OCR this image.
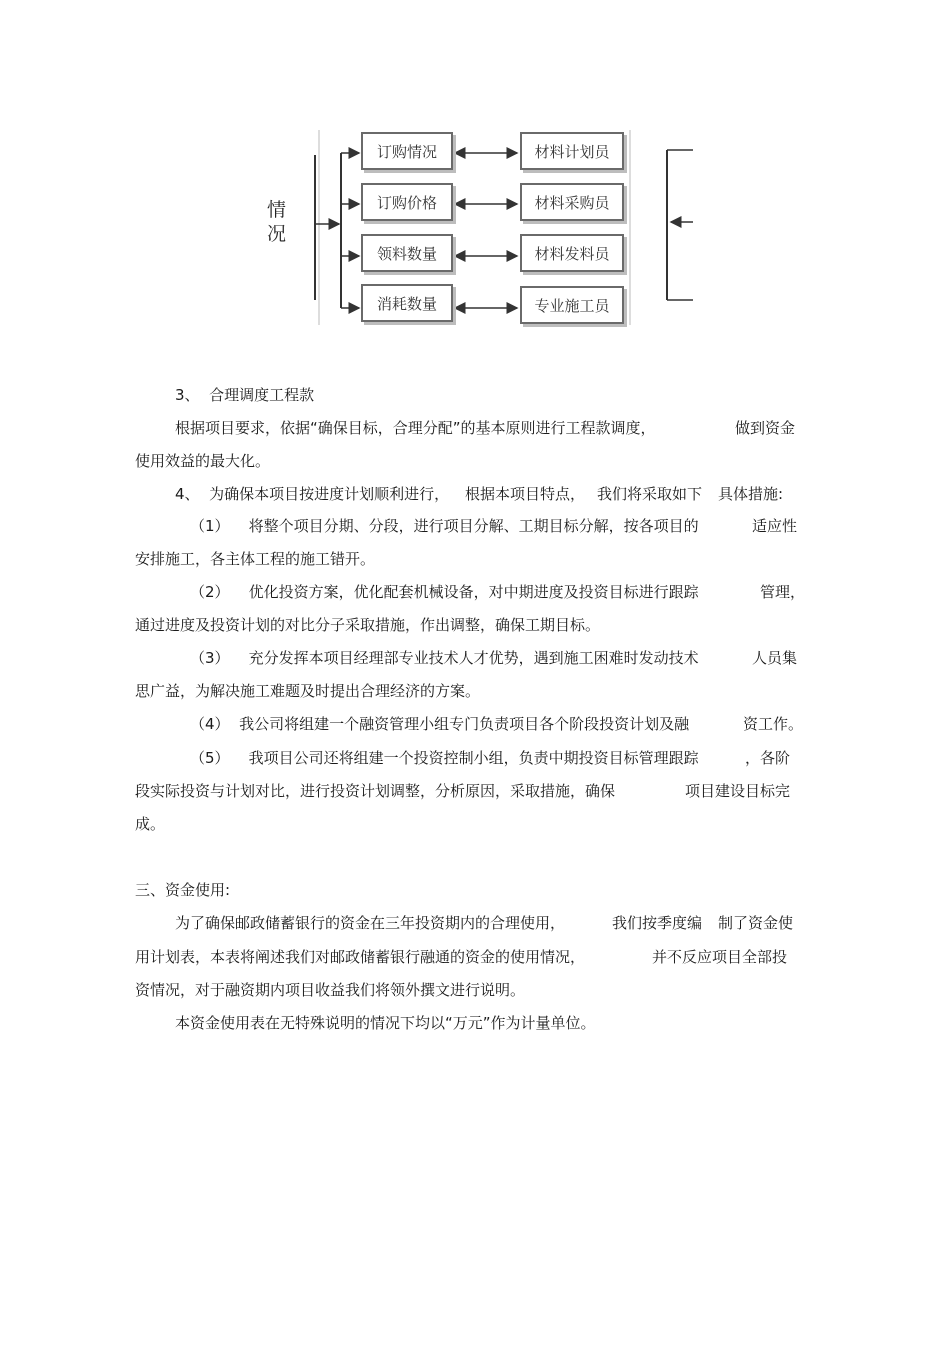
情
况
订购情况
订购价格
领料数量
消耗数量
材料计划员
材料采购员
材料发料员
专业施工员
3、  合理调度工程款
根据项目要求，依据“确保目标，合理分配”的基本原则进行工程款调度，	做到资金
使用效益的最大化。
4、  为确保本项目按进度计划顺利进行， 根据本项目特点， 我们将采取如下 具体措施:
（1）    将整个项目分期、分段，进行项目分解、工期目标分解，按各项目的	适应性
安排施工，各主体工程的施工错开。
（2）    优化投资方案，优化配套机械设备，对中期进度及投资目标进行跟踪	管理，
通过进度及投资计划的对比分子采取措施，作出调整，确保工期目标。
（3）    充分发挥本项目经理部专业技术人才优势，遇到施工困难时发动技术	人员集
思广益，为解决施工难题及时提出合理经济的方案。
（4）  我公司将组建一个融资管理小组专门负责项目各个阶段投资计划及融	资工作。
（5）    我项目公司还将组建一个投资控制小组，负责中期投资目标管理跟踪	，各阶
段实际投资与计划对比，进行投资计划调整，分析原因，采取措施，确保	项目建设目标完
成。
三、资金使用:
为了确保邮政储蓄银行的资金在三年投资期内的合理使用，	我们按季度编 制了资金使
用计划表，本表将阐述我们对邮政储蓄银行融通的资金的使用情况，	并不反应项目全部投
资情况，对于融资期内项目收益我们将领外撰文进行说明。
本资金使用表在无特殊说明的情况下均以“万元”作为计量单位。
